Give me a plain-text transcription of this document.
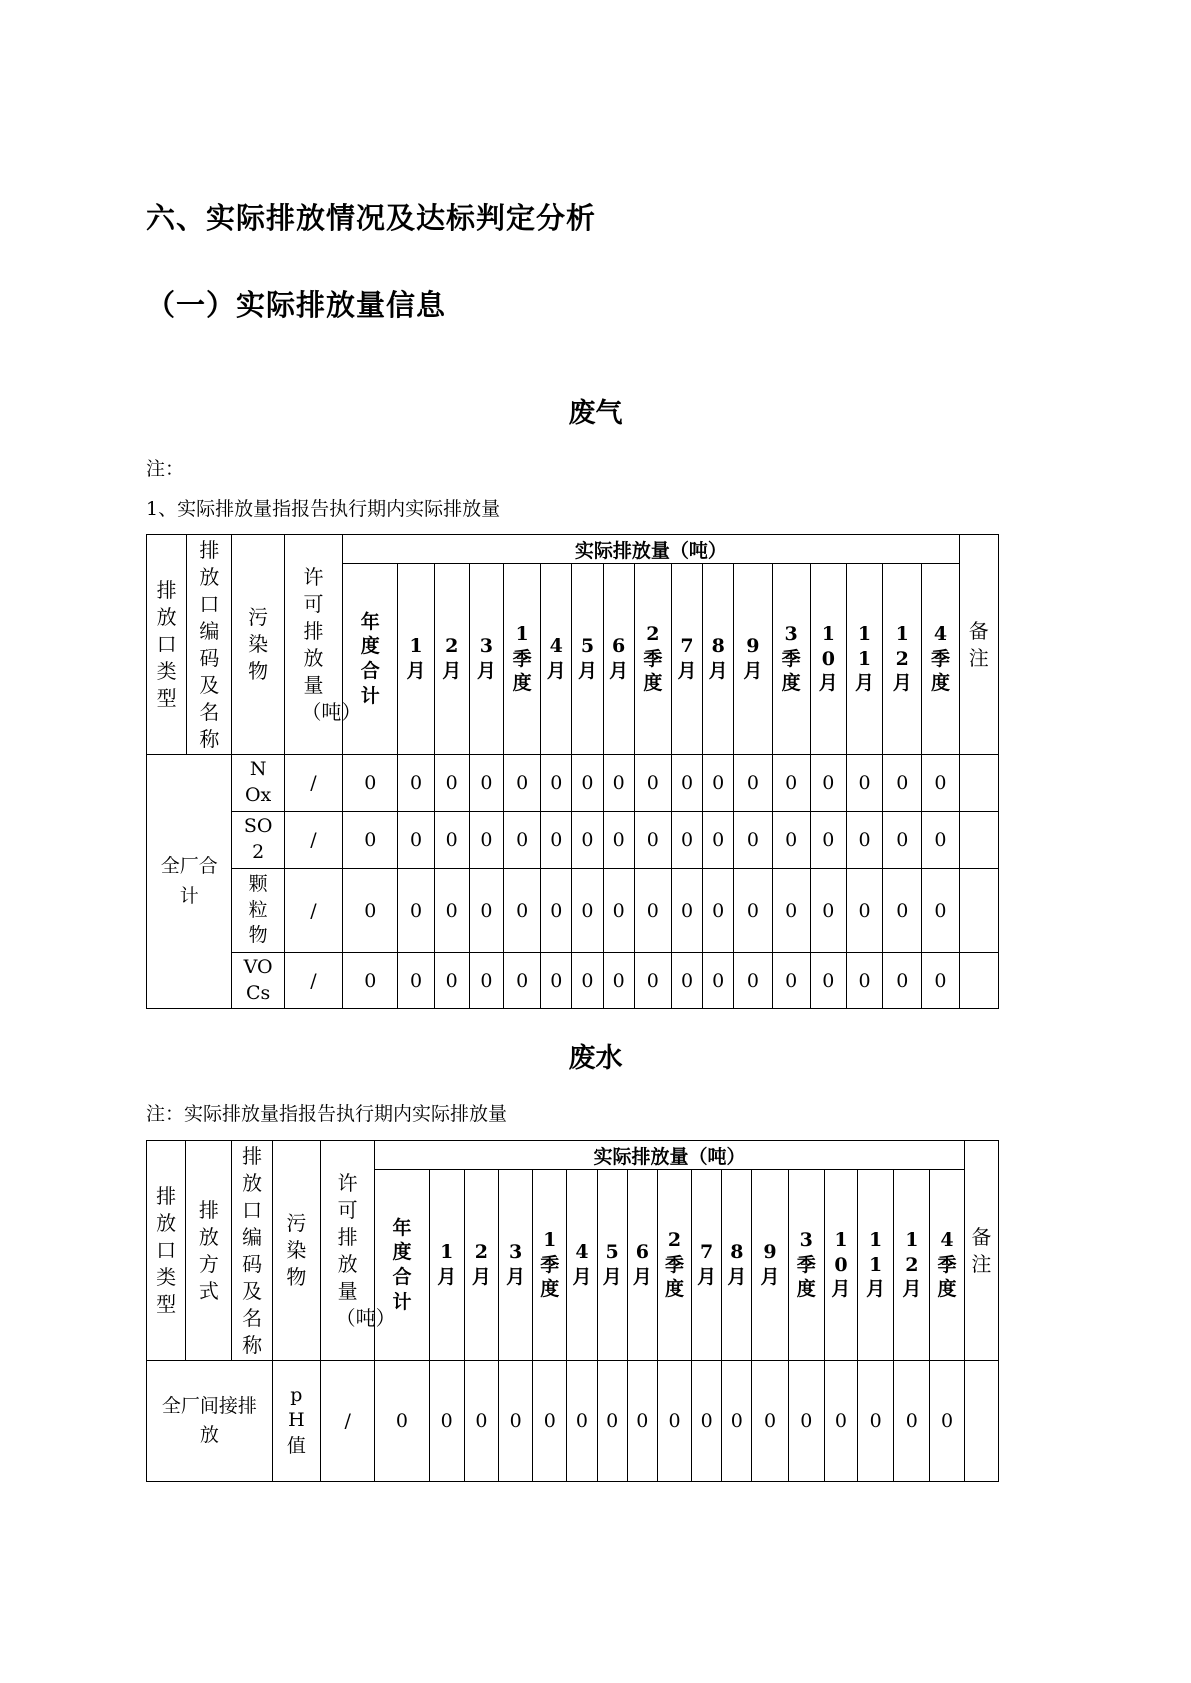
六、实际排放情况及达标判定分析
（一）实际排放量信息
废气
注：
1、实际排放量指报告执行期内实际排放量
排放口类型	排放口编码及名称	污染物	许可排放量（吨）	实际排放量（吨）																	备注
				年度合计	1月	2月	3月	1季度	4月	5月	6月	2季度	7月	8月	9月	3季度	10月	11月	12月	4季度	
全厂合计		NOx	/	0	0	0	0	0	0	0	0	0	0	0	0	0	0	0	0	0	
		SO2	/	0	0	0	0	0	0	0	0	0	0	0	0	0	0	0	0	0	
		颗粒物	/	0	0	0	0	0	0	0	0	0	0	0	0	0	0	0	0	0	
		VOCs	/	0	0	0	0	0	0	0	0	0	0	0	0	0	0	0	0	0	
废水
注：实际排放量指报告执行期内实际排放量
排放口类型	排放方式	排放口编码及名称	污染物	许可排放量（吨）	实际排放量（吨）																	备注
					年度合计	1月	2月	3月	1季度	4月	5月	6月	2季度	7月	8月	9月	3季度	10月	11月	12月	4季度	
全厂间接排放			pH值	/	0	0	0	0	0	0	0	0	0	0	0	0	0	0	0	0	0	
